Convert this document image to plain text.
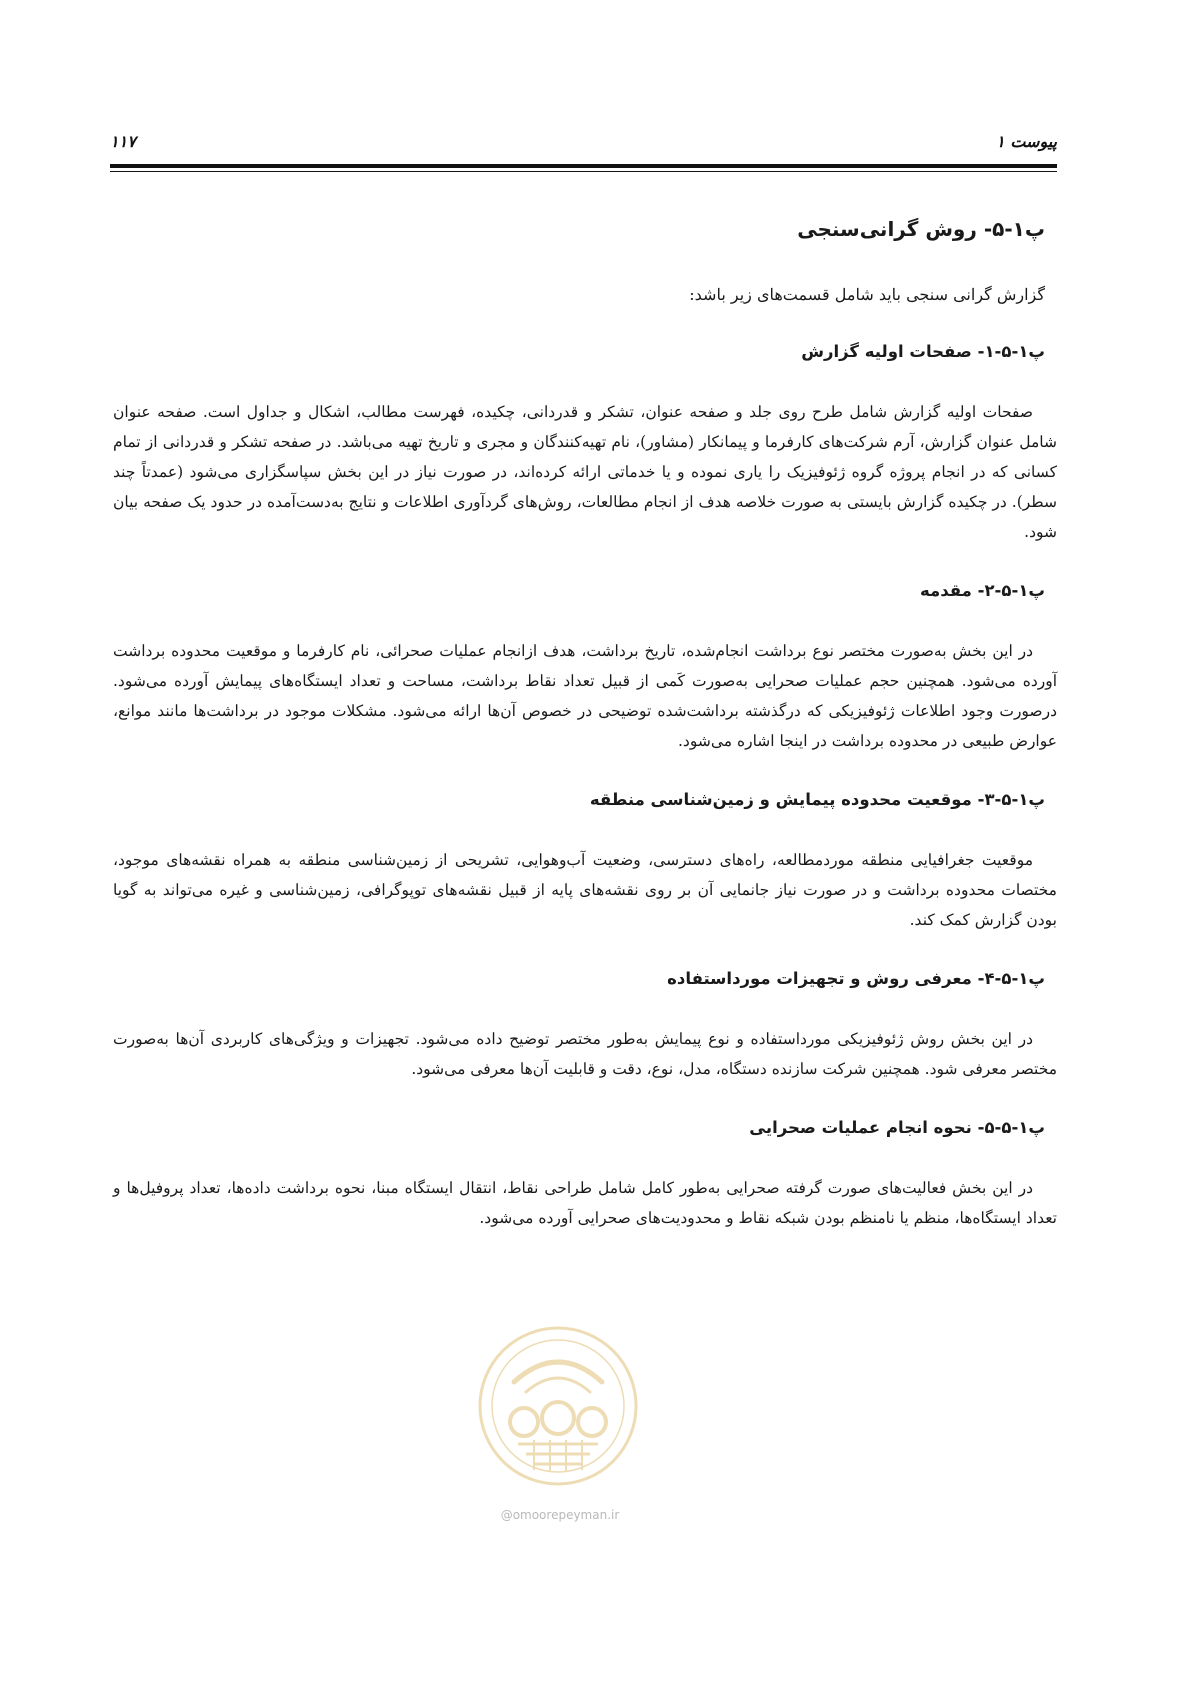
پیوست ۱
۱۱۷
پ۱-۵- روش گرانی‌سنجی

گزارش گرانی سنجی باید شامل قسمت‌های زیر باشد:

پ۱-۵-۱- صفحات اولیه گزارش

صفحات اولیه گزارش شامل طرح روی جلد و صفحه عنوان، تشکر و قدردانی، چکیده، فهرست مطالب، اشکال و جداول است. صفحه عنوان شامل عنوان گزارش، آرم شرکت‌های کارفرما و پیمانکار (مشاور)، نام تهیه‌کنندگان و مجری و تاریخ تهیه می‌باشد. در صفحه تشکر و قدردانی از تمام کسانی که در انجام پروژه گروه ژئوفیزیک را یاری نموده و یا خدماتی ارائه کرده‌اند، در صورت نیاز در این بخش سپاسگزاری می‌شود (عمدتاً چند سطر). در چکیده گزارش بایستی به صورت خلاصه هدف از انجام مطالعات، روش‌های گردآوری اطلاعات و نتایج به‌دست‌آمده در حدود یک صفحه بیان شود.

پ۱-۵-۲- مقدمه

در این بخش به‌صورت مختصر نوع برداشت انجام‌شده، تاریخ برداشت، هدف ازانجام عملیات صحرائی، نام کارفرما و موقعیت محدوده برداشت آورده می‌شود. همچنین حجم عملیات صحرایی به‌صورت کَمی از قبیل تعداد نقاط برداشت، مساحت و تعداد ایستگاه‌های پیمایش آورده می‌شود. درصورت وجود اطلاعات ژئوفیزیکی که درگذشته برداشت‌شده توضیحی در خصوص آن‌ها ارائه می‌شود. مشکلات موجود در برداشت‌ها مانند موانع، عوارض طبیعی در محدوده برداشت در اینجا اشاره می‌شود.

پ۱-۵-۳- موقعیت محدوده پیمایش و زمین‌شناسی منطقه

موقعیت جغرافیایی منطقه موردمطالعه، راه‌های دسترسی، وضعیت آب‌وهوایی، تشریحی از زمین‌شناسی منطقه به همراه نقشه‌های موجود، مختصات محدوده برداشت و در صورت نیاز جانمایی آن بر روی نقشه‌های پایه از قبیل نقشه‌های توپوگرافی، زمین‌شناسی و غیره می‌تواند به گویا بودن گزارش کمک کند.

پ۱-۵-۴- معرفی روش و تجهیزات مورداستفاده

در این بخش روش ژئوفیزیکی مورداستفاده و نوع پیمایش به‌طور مختصر توضیح داده می‌شود. تجهیزات و ویژگی‌های کاربردی آن‌ها به‌صورت مختصر معرفی شود. همچنین شرکت سازنده دستگاه، مدل، نوع، دقت و قابلیت آن‌ها معرفی می‌شود.

پ۱-۵-۵- نحوه انجام عملیات صحرایی

در این بخش فعالیت‌های صورت گرفته صحرایی به‌طور کامل شامل طراحی نقاط، انتقال ایستگاه مبنا، نحوه برداشت داده‌ها، تعداد پروفیل‌ها و تعداد ایستگاه‌ها، منظم یا نامنظم بودن شبکه نقاط و محدودیت‌های صحرایی آورده می‌شود.

@omoorepeyman.ir
